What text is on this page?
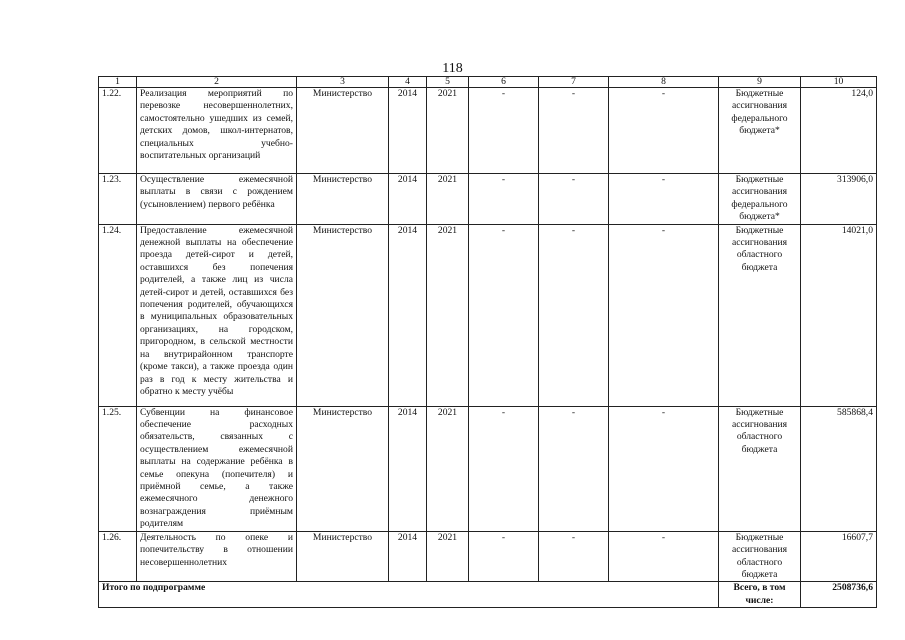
118
1	2	3	4	5	6	7	8	9	10
1.22.	Реализация мероприятий по перевозке несовершеннолетних, самостоятельно ушедших из семей, детских домов, школ-интернатов, специальных учебно-воспитательных организаций	Министерство	2014	2021	-	-	-	Бюджетные ассигнования федерального бюджета*	124,0
1.23.	Осуществление ежемесячной выплаты в связи с рождением (усыновлением) первого ребёнка	Министерство	2014	2021	-	-	-	Бюджетные ассигнования федерального бюджета*	313906,0
1.24.	Предоставление ежемесячной денежной выплаты на обеспечение проезда детей-сирот и детей, оставшихся без попечения родителей, а также лиц из числа детей-сирот и детей, оставшихся без попечения родителей, обучающихся в муниципальных образовательных организациях, на городском, пригородном, в сельской местности на внутрирайонном транспорте (кроме такси), а также проезда один раз в год к месту жительства и обратно к месту учёбы	Министерство	2014	2021	-	-	-	Бюджетные ассигнования областного бюджета	14021,0
1.25.	Субвенции на финансовое обеспечение расходных обязательств, связанных с осуществлением ежемесячной выплаты на содержание ребёнка в семье опекуна (попечителя) и приёмной семье, а также ежемесячного денежного вознаграждения приёмным родителям	Министерство	2014	2021	-	-	-	Бюджетные ассигнования областного бюджета	585868,4
1.26.	Деятельность по опеке и попечительству в отношении несовершеннолетних	Министерство	2014	2021	-	-	-	Бюджетные ассигнования областного бюджета	16607,7
Итого по подпрограмме								Всего, в том числе:	2508736,6
